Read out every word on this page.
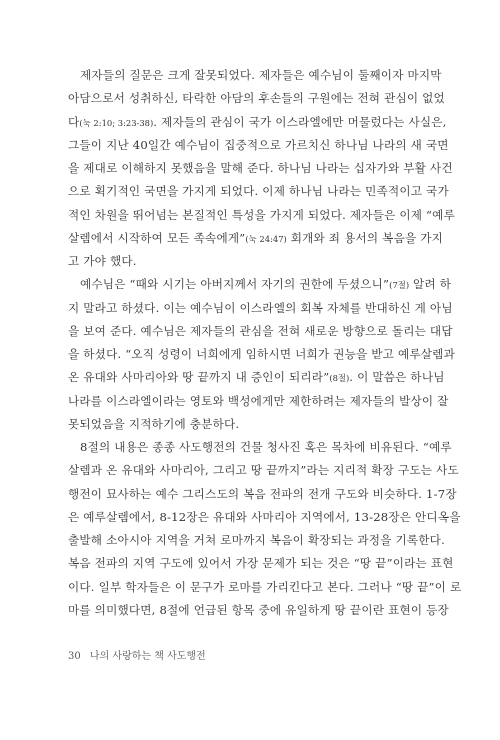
제자들의 질문은 크게 잘못되었다. 제자들은 예수님이 둘째이자 마지막
아담으로서 성취하신, 타락한 아담의 후손들의 구원에는 전혀 관심이 없었
다(눅 2:10; 3:23-38). 제자들의 관심이 국가 이스라엘에만 머물렀다는 사실은,
그들이 지난 40일간 예수님이 집중적으로 가르치신 하나님 나라의 새 국면
을 제대로 이해하지 못했음을 말해 준다. 하나님 나라는 십자가와 부활 사건
으로 획기적인 국면을 가지게 되었다. 이제 하나님 나라는 민족적이고 국가
적인 차원을 뛰어넘는 본질적인 특성을 가지게 되었다. 제자들은 이제 “예루
살렘에서 시작하여 모든 족속에게”(눅 24:47) 회개와 죄 용서의 복음을 가지
고 가야 했다.

예수님은 “때와 시기는 아버지께서 자기의 권한에 두셨으니”(7절) 알려 하
지 말라고 하셨다. 이는 예수님이 이스라엘의 회복 자체를 반대하신 게 아님
을 보여 준다. 예수님은 제자들의 관심을 전혀 새로운 방향으로 돌리는 대답
을 하셨다. “오직 성령이 너희에게 임하시면 너희가 권능을 받고 예루살렘과
온 유대와 사마리아와 땅 끝까지 내 증인이 되리라”(8절). 이 말씀은 하나님
나라를 이스라엘이라는 영토와 백성에게만 제한하려는 제자들의 발상이 잘
못되었음을 지적하기에 충분하다.

8절의 내용은 종종 사도행전의 건물 청사진 혹은 목차에 비유된다. “예루
살렘과 온 유대와 사마리아, 그리고 땅 끝까지”라는 지리적 확장 구도는 사도
행전이 묘사하는 예수 그리스도의 복음 전파의 전개 구도와 비슷하다. 1-7장
은 예루살렘에서, 8-12장은 유대와 사마리아 지역에서, 13-28장은 안디옥을
출발해 소아시아 지역을 거쳐 로마까지 복음이 확장되는 과정을 기록한다.
복음 전파의 지역 구도에 있어서 가장 문제가 되는 것은 “땅 끝”이라는 표현
이다. 일부 학자들은 이 문구가 로마를 가리킨다고 본다. 그러나 “땅 끝”이 로
마를 의미했다면, 8절에 언급된 항목 중에 유일하게 땅 끝이란 표현이 등장

30 나의 사랑하는 책 사도행전
